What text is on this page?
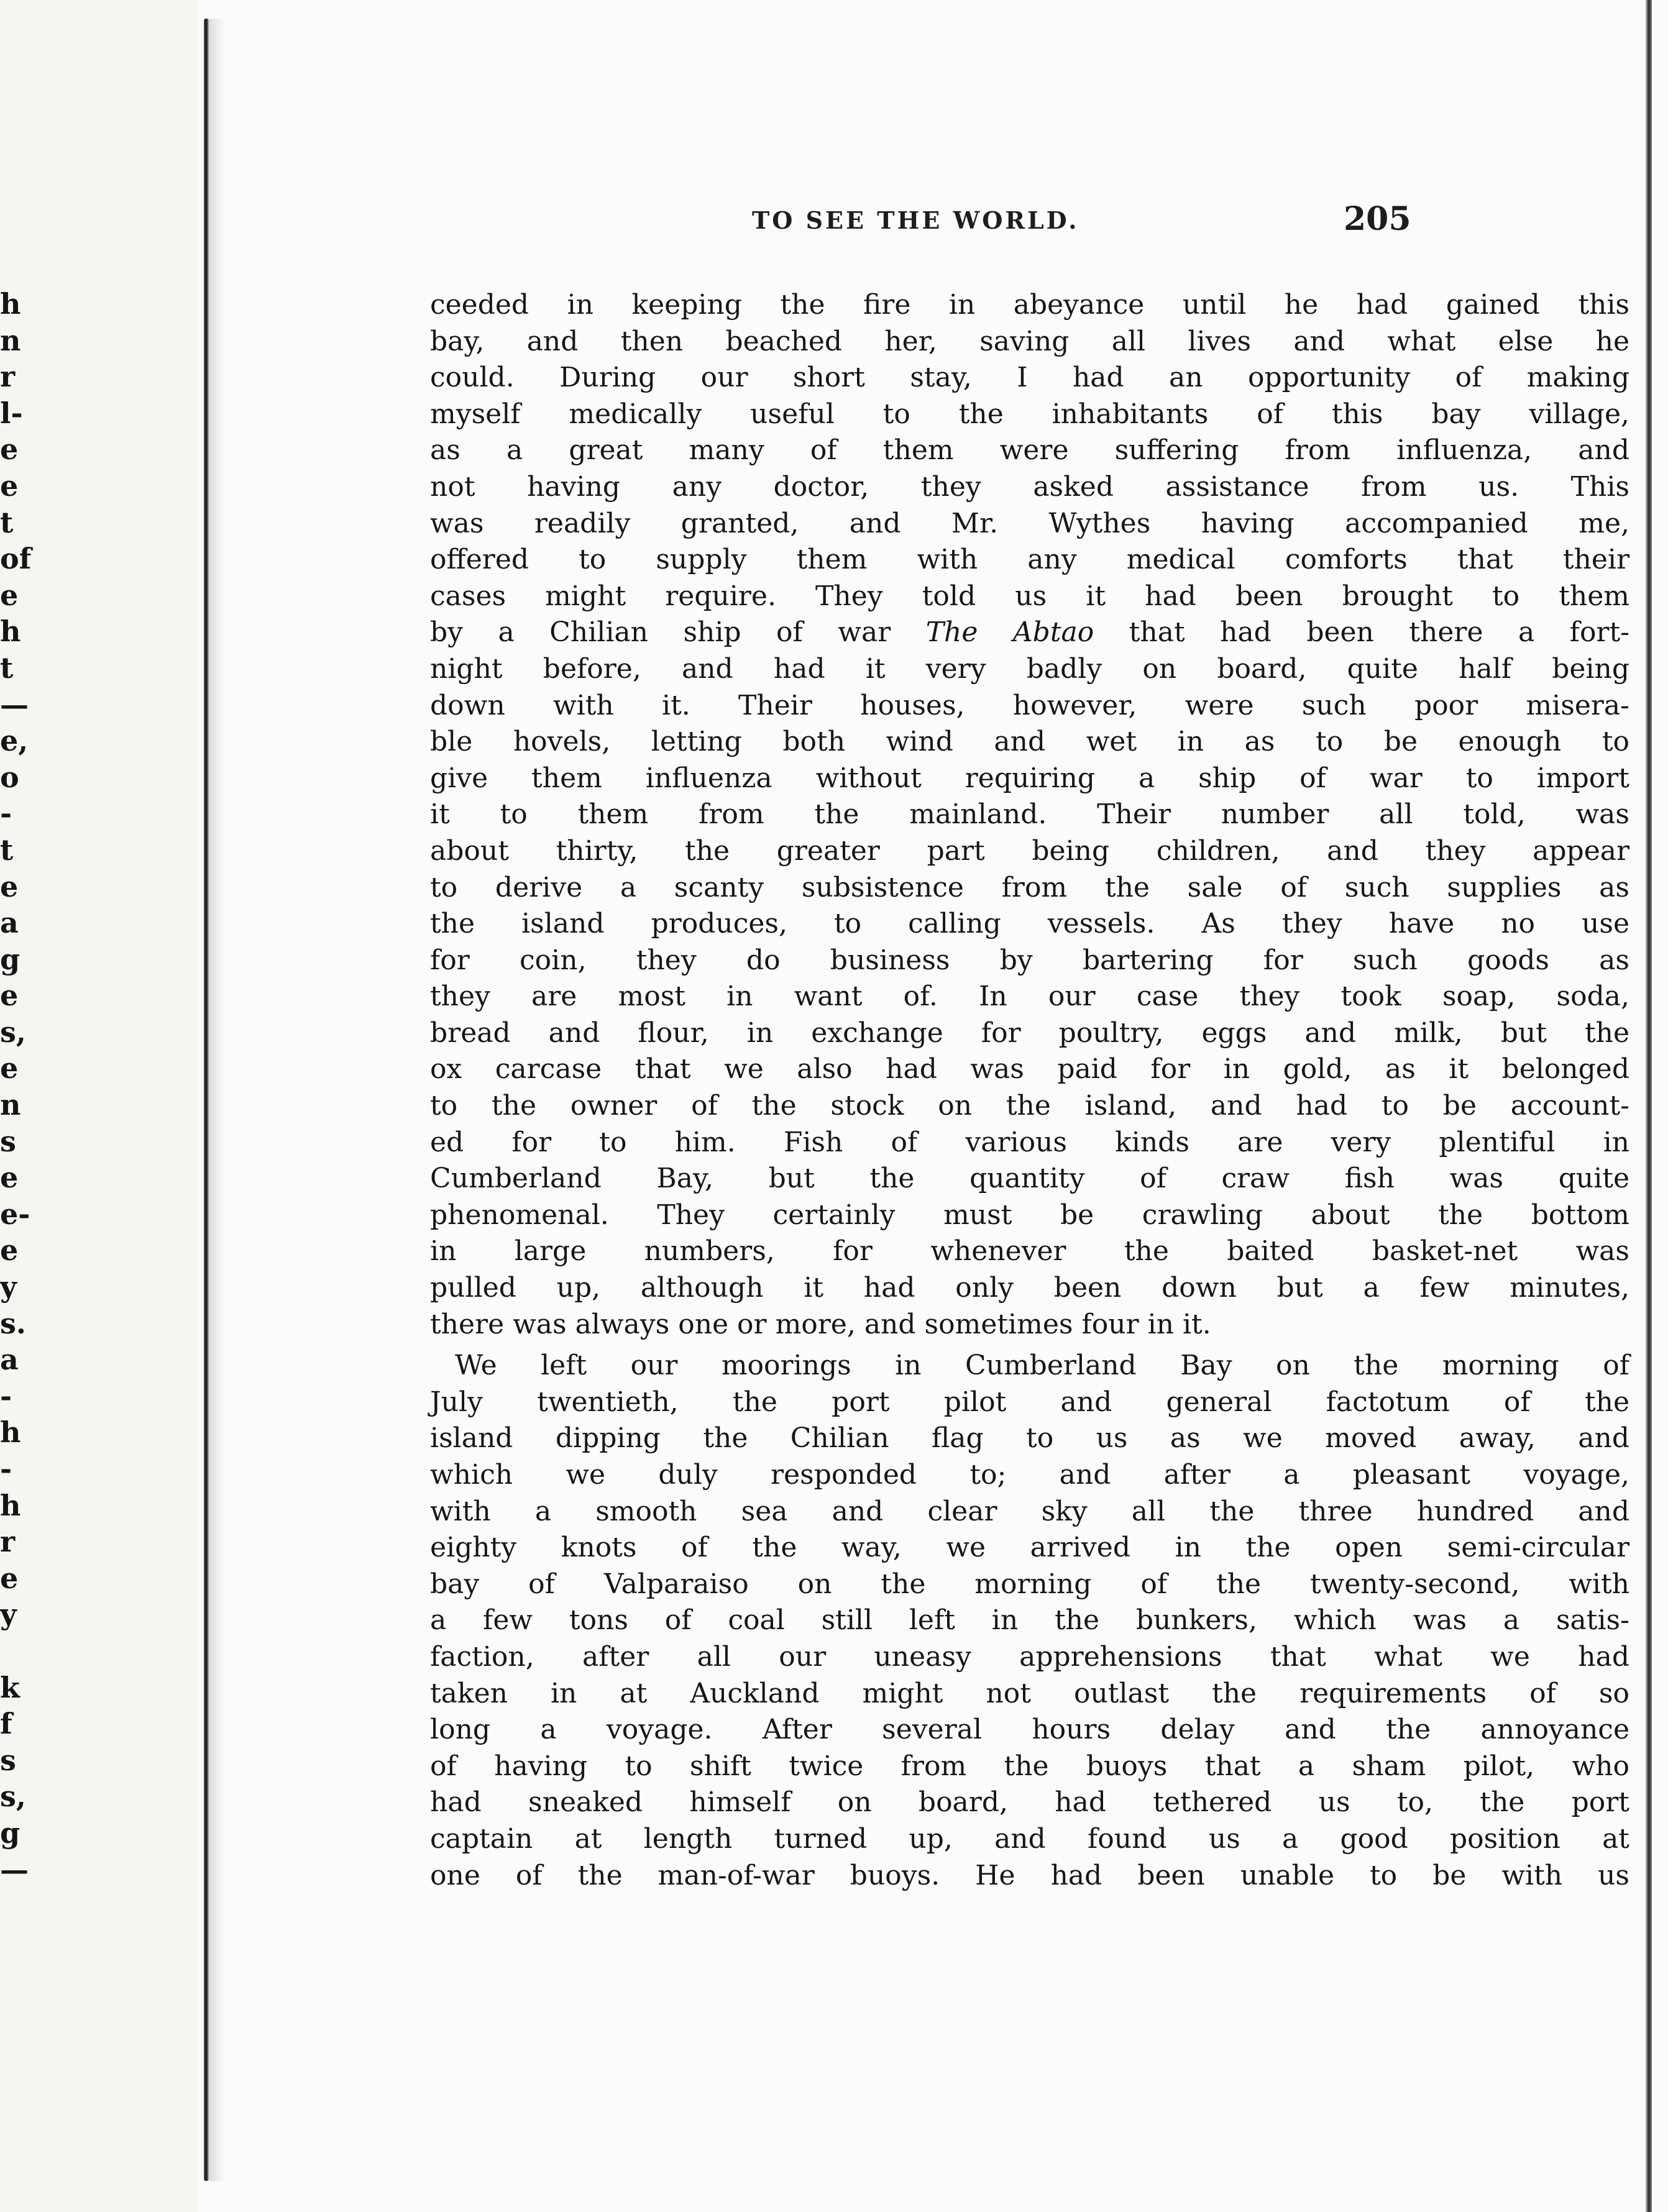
h
n
r
l-
e
e
t
of
e
h
t
—
e,
o
-
t
e
a
g
e
s,
e
n
s
e
e-
e
y
s.
a
-
h
-
h
r
e
y
k
f
s
s,
g
—
TO SEE THE WORLD.	205
ceeded in keeping the fire in abeyance until he had gained this
bay, and then beached her, saving all lives and what else he
could. During our short stay, I had an opportunity of making
myself medically useful to the inhabitants of this bay village,
as a great many of them were suffering from influenza, and
not having any doctor, they asked assistance from us. This
was readily granted, and Mr. Wythes having accompanied me,
offered to supply them with any medical comforts that their
cases might require. They told us it had been brought to them
by a Chilian ship of war The Abtao that had been there a fort-
night before, and had it very badly on board, quite half being
down with it. Their houses, however, were such poor misera-
ble hovels, letting both wind and wet in as to be enough to
give them influenza without requiring a ship of war to import
it to them from the mainland. Their number all told, was
about thirty, the greater part being children, and they appear
to derive a scanty subsistence from the sale of such supplies as
the island produces, to calling vessels. As they have no use
for coin, they do business by bartering for such goods as
they are most in want of. In our case they took soap, soda,
bread and flour, in exchange for poultry, eggs and milk, but the
ox carcase that we also had was paid for in gold, as it belonged
to the owner of the stock on the island, and had to be account-
ed for to him. Fish of various kinds are very plentiful in
Cumberland Bay, but the quantity of craw fish was quite
phenomenal. They certainly must be crawling about the bottom
in large numbers, for whenever the baited basket-net was
pulled up, although it had only been down but a few minutes,
there was always one or more, and sometimes four in it.
We left our moorings in Cumberland Bay on the morning of
July twentieth, the port pilot and general factotum of the
island dipping the Chilian flag to us as we moved away, and
which we duly responded to; and after a pleasant voyage,
with a smooth sea and clear sky all the three hundred and
eighty knots of the way, we arrived in the open semi-circular
bay of Valparaiso on the morning of the twenty-second, with
a few tons of coal still left in the bunkers, which was a satis-
faction, after all our uneasy apprehensions that what we had
taken in at Auckland might not outlast the requirements of so
long a voyage. After several hours delay and the annoyance
of having to shift twice from the buoys that a sham pilot, who
had sneaked himself on board, had tethered us to, the port
captain at length turned up, and found us a good position at
one of the man-of-war buoys. He had been unable to be with us
